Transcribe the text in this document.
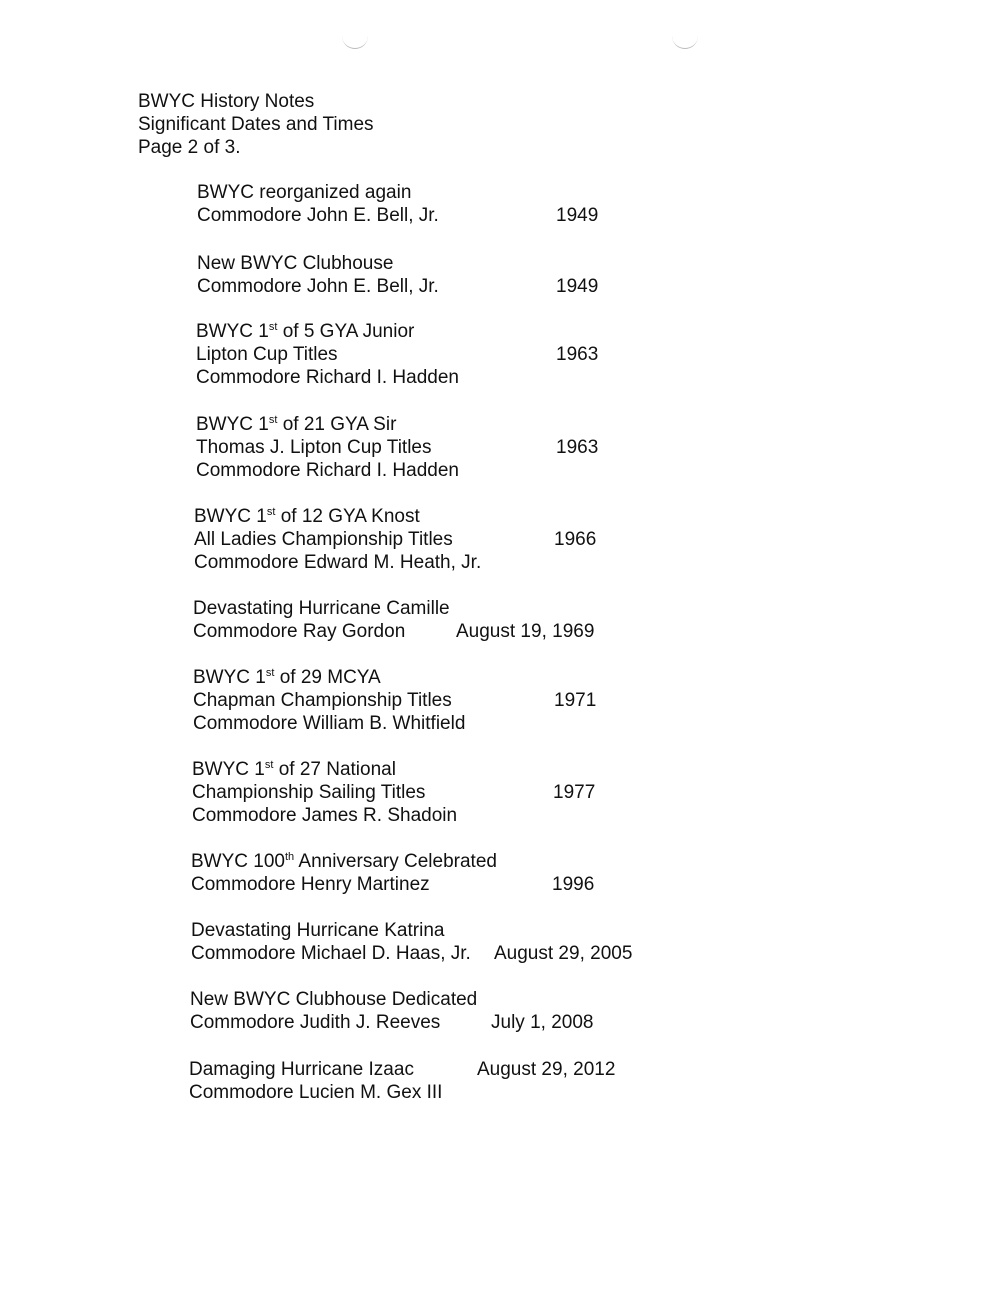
BWYC History Notes
Significant Dates and Times
Page 2 of 3.
BWYC reorganized again
Commodore John E. Bell, Jr.	1949
New BWYC Clubhouse
Commodore John E. Bell, Jr.	1949
BWYC 1st of 5 GYA Junior
Lipton Cup Titles	1963
Commodore Richard I. Hadden
BWYC 1st of 21 GYA Sir
Thomas J. Lipton Cup Titles	1963
Commodore Richard I. Hadden
BWYC 1st of 12 GYA Knost
All Ladies Championship Titles	1966
Commodore Edward M. Heath, Jr.
Devastating Hurricane Camille
Commodore Ray Gordon	August 19, 1969
BWYC 1st of 29 MCYA
Chapman Championship Titles	1971
Commodore William B. Whitfield
BWYC 1st of 27 National
Championship Sailing Titles	1977
Commodore James R. Shadoin
BWYC 100th Anniversary Celebrated
Commodore Henry Martinez	1996
Devastating Hurricane Katrina
Commodore Michael D. Haas, Jr. August 29, 2005
New BWYC Clubhouse Dedicated
Commodore Judith J. Reeves	July 1, 2008
Damaging Hurricane Izaac	August 29, 2012
Commodore Lucien M. Gex III
